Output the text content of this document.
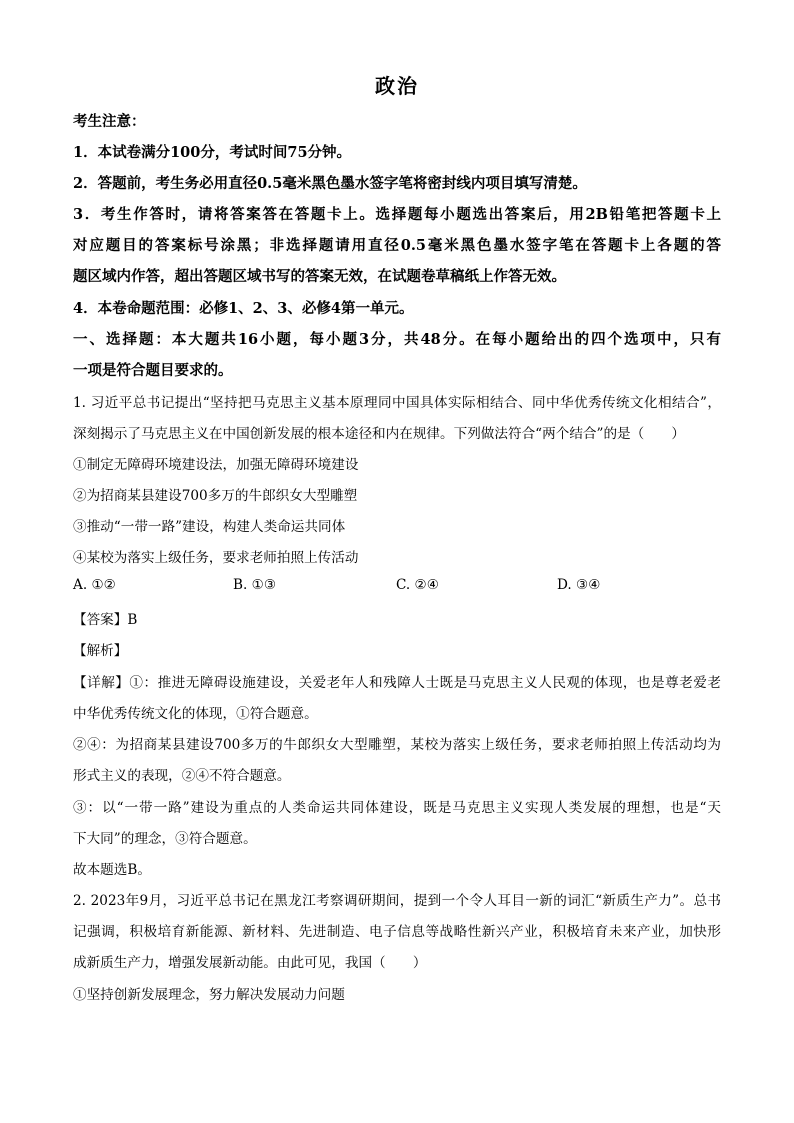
政治
考生注意：
1．本试卷满分100分，考试时间75分钟。
2．答题前，考生务必用直径0.5毫米黑色墨水签字笔将密封线内项目填写清楚。
3．考生作答时，请将答案答在答题卡上。选择题每小题选出答案后，用2B铅笔把答题卡上
对应题目的答案标号涂黑；非选择题请用直径0.5毫米黑色墨水签字笔在答题卡上各题的答
题区域内作答，超出答题区域书写的答案无效，在试题卷草稿纸上作答无效。
4．本卷命题范围：必修1、2、3、必修4第一单元。
一、选择题：本大题共16小题，每小题3分，共48分。在每小题给出的四个选项中，只有
一项是符合题目要求的。
1. 习近平总书记提出“坚持把马克思主义基本原理同中国具体实际相结合、同中华优秀传统文化相结合”，
深刻揭示了马克思主义在中国创新发展的根本途径和内在规律。下列做法符合“两个结合”的是（　　）
①制定无障碍环境建设法，加强无障碍环境建设
②为招商某县建设700多万的牛郎织女大型雕塑
③推动“一带一路”建设，构建人类命运共同体
④某校为落实上级任务，要求老师拍照上传活动
A. ①②	B. ①③	C. ②④	D. ③④
【答案】B
【解析】
【详解】①：推进无障碍设施建设，关爱老年人和残障人士既是马克思主义人民观的体现，也是尊老爱老
中华优秀传统文化的体现，①符合题意。
②④：为招商某县建设700多万的牛郎织女大型雕塑，某校为落实上级任务，要求老师拍照上传活动均为
形式主义的表现，②④不符合题意。
③：以“一带一路”建设为重点的人类命运共同体建设，既是马克思主义实现人类发展的理想，也是“天
下大同”的理念，③符合题意。
故本题选B。
2. 2023年9月，习近平总书记在黑龙江考察调研期间，提到一个令人耳目一新的词汇“新质生产力”。总书
记强调，积极培育新能源、新材料、先进制造、电子信息等战略性新兴产业，积极培育未来产业，加快形
成新质生产力，增强发展新动能。由此可见，我国（　　）
①坚持创新发展理念，努力解决发展动力问题
